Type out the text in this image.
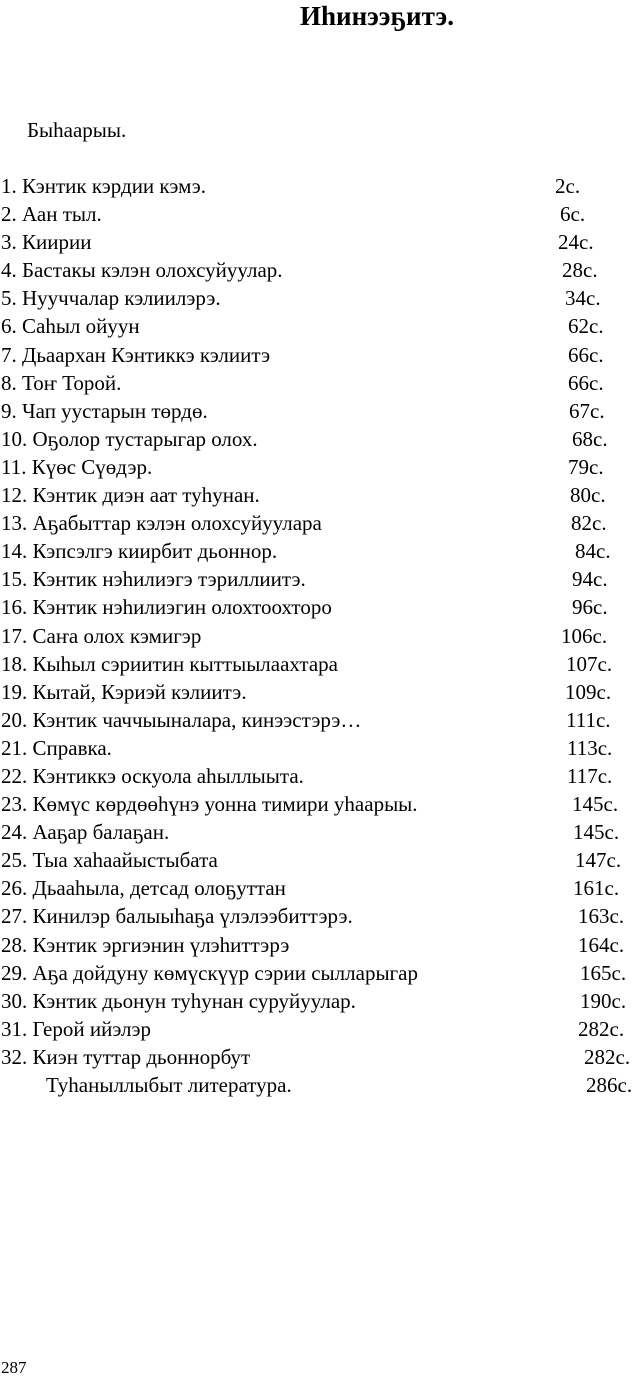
Иһинээҕитэ.
Быһаарыы.
1. Кэнтик кэрдии кэмэ.	2с.
2. Аан тыл.	6с.
3. Киирии	24с.
4. Бастакы кэлэн олохсуйуулар.	28с.
5. Нууччалар кэлиилэрэ.	34с.
6. Саһыл ойуун	62с.
7. Дьаархан Кэнтиккэ кэлиитэ	66с.
8. Тоҥ Торой.	66с.
9. Чап уустарын төрдө.	67с.
10. Оҕолор тустарыгар олох.	68с.
11. Күөс Сүөдэр.	79с.
12. Кэнтик диэн аат туһунан.	80с.
13. Аҕабыттар кэлэн олохсуйуулара	82с.
14. Кэпсэлгэ киирбит дьоннор.	84с.
15. Кэнтик нэһилиэгэ тэриллиитэ.	94с.
16. Кэнтик нэһилиэгин олохтоохторо	96с.
17. Саҥа олох кэмигэр	106с.
18. Кыһыл сэриитин кыттыылаахтара	107с.
19. Кытай, Кэриэй кэлиитэ.	109с.
20. Кэнтик чаччыыналара, кинээстэрэ…	111с.
21. Справка.	113с.
22. Кэнтиккэ оскуола аһыллыыта.	117с.
23. Көмүс көрдөөһүнэ уонна тимири уһаарыы.	145с.
24. Ааҕар балаҕан.	145с.
25. Тыа хаһаайыстыбата	147с.
26. Дьааһыла, детсад олоҕуттан	161с.
27. Кинилэр балыыһаҕа үлэлээбиттэрэ.	163с.
28. Кэнтик эргиэнин үлэһиттэрэ	164с.
29. Аҕа дойдуну көмүскүүр сэрии сылларыгар	165с.
30. Кэнтик дьонун туһунан суруйуулар.	190с.
31. Герой ийэлэр	282с.
32. Киэн туттар дьоннорбут	282с.
Туһаныллыбыт литература.	286с.
287
